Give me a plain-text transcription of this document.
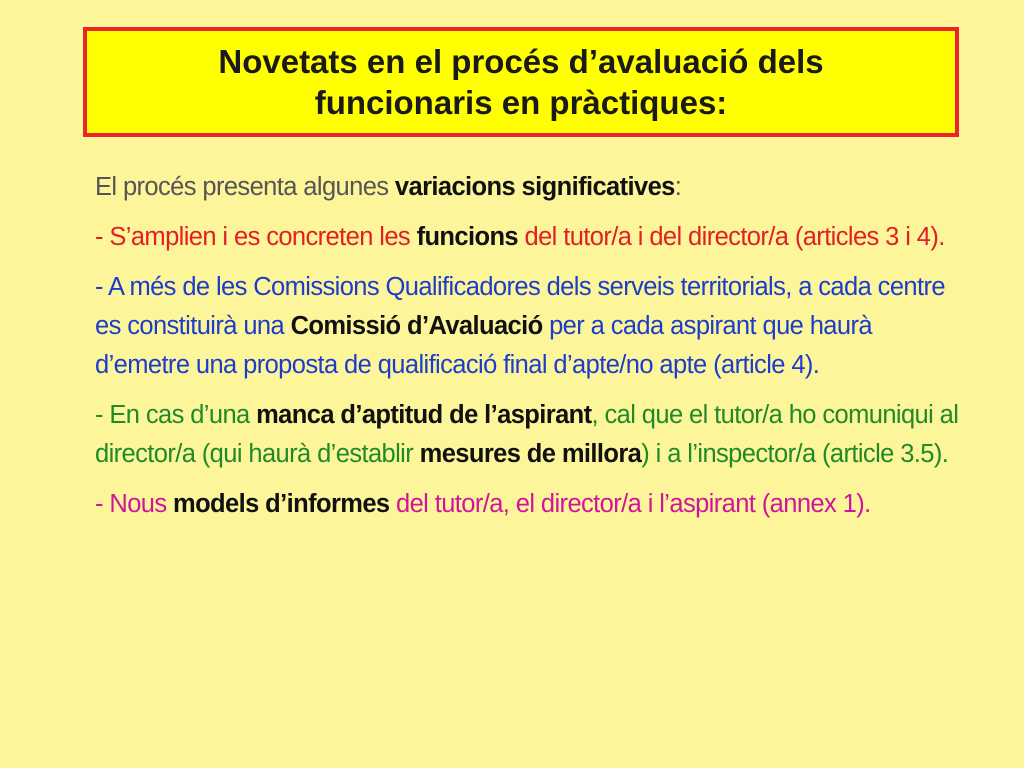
Novetats en el procés d’avaluació dels
funcionaris en pràctiques:

El procés presenta algunes variacions significatives:

- S’amplien i es concreten les funcions del tutor/a i del director/a (articles 3 i 4).

- A més de les Comissions Qualificadores dels serveis territorials, a cada centre es constituirà una Comissió d’Avaluació per a cada aspirant que haurà d’emetre una proposta de qualificació final d’apte/no apte (article 4).

- En cas d’una manca d’aptitud de l’aspirant, cal que el tutor/a ho comuniqui al director/a (qui haurà d’establir mesures de millora) i a l’inspector/a (article 3.5).

- Nous models d’informes del tutor/a, el director/a i l’aspirant (annex 1).
